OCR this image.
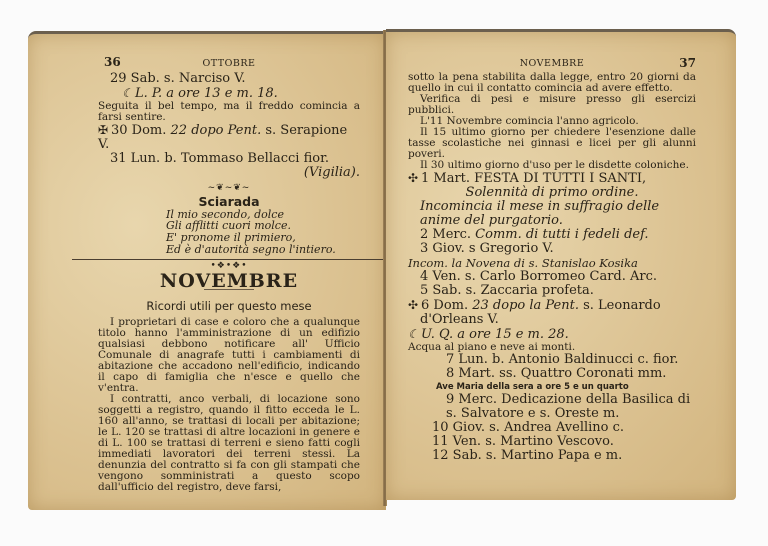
36	OTTOBRE
29 Sab. s. Narciso V.
☾ L. P. a ore 13 e m. 18.
Seguita il bel tempo, ma il freddo comincia a farsi sentire.
✠ 30 Dom. 22 dopo Pent. s. Serapione V.
31 Lun. b. Tommaso Bellacci fior.
(Vigilia).
~❦~❦~
Sciarada
Il mio secondo, dolce
Gli afflitti cuori molce.
E' pronome il primiero,
Ed è d'autorità segno l'intiero.
•❖•❖•
NOVEMBRE
Ricordi utili per questo mese

I proprietari di case e coloro che a qualunque titolo hanno l'amministrazione di un edifizio qualsiasi debbono notificare all' Ufficio Comunale di anagrafe tutti i cambiamenti di abitazione che accadono nell'edificio, indicando il capo di famiglia che n'esce e quello che v'entra.

I contratti, anco verbali, di locazione sono soggetti a registro, quando il fitto ecceda le L. 160 all'anno, se trattasi di locali per abitazione; le L. 120 se trattasi di altre locazioni in genere e di L. 100 se trattasi di terreni e sieno fatti cogli immediati lavoratori dei terreni stessi. La denunzia del contratto si fa con gli stampati che vengono somministrati a questo scopo dall'ufficio del registro, deve farsi,

37
NOVEMBRE

sotto la pena stabilita dalla legge, entro 20 giorni da quello in cui il contatto comincia ad avere effetto.

Verifica di pesi e misure presso gli esercizi pubblici.

L'11 Novembre comincia l'anno agricolo.

Il 15 ultimo giorno per chiedere l'esenzione dalle tasse scolastiche nei ginnasi e licei per gli alunni poveri.

Il 30 ultimo giorno d'uso per le disdette coloniche.

✣ 1 Mart. FESTA DI TUTTI I SANTI,
Solennità di primo ordine.
Incomincia il mese in suffragio delle anime del purgatorio.
2 Merc. Comm. di tutti i fedeli def.
3 Giov. s Gregorio V.
Incom. la Novena di s. Stanislao Kosika
4 Ven. s. Carlo Borromeo Card. Arc.
5 Sab. s. Zaccaria profeta.
✣ 6 Dom. 23 dopo la Pent. s. Leonardo
d'Orleans V.
☾ U. Q. a ore 15 e m. 28.
Acqua al piano e neve ai monti.
7 Lun. b. Antonio Baldinucci c. fior.
8 Mart. ss. Quattro Coronati mm.
Ave Maria della sera a ore 5 e un quarto
9 Merc. Dedicazione della Basilica di
s. Salvatore e s. Oreste m.
10 Giov. s. Andrea Avellino c.
11 Ven. s. Martino Vescovo.
12 Sab. s. Martino Papa e m.
